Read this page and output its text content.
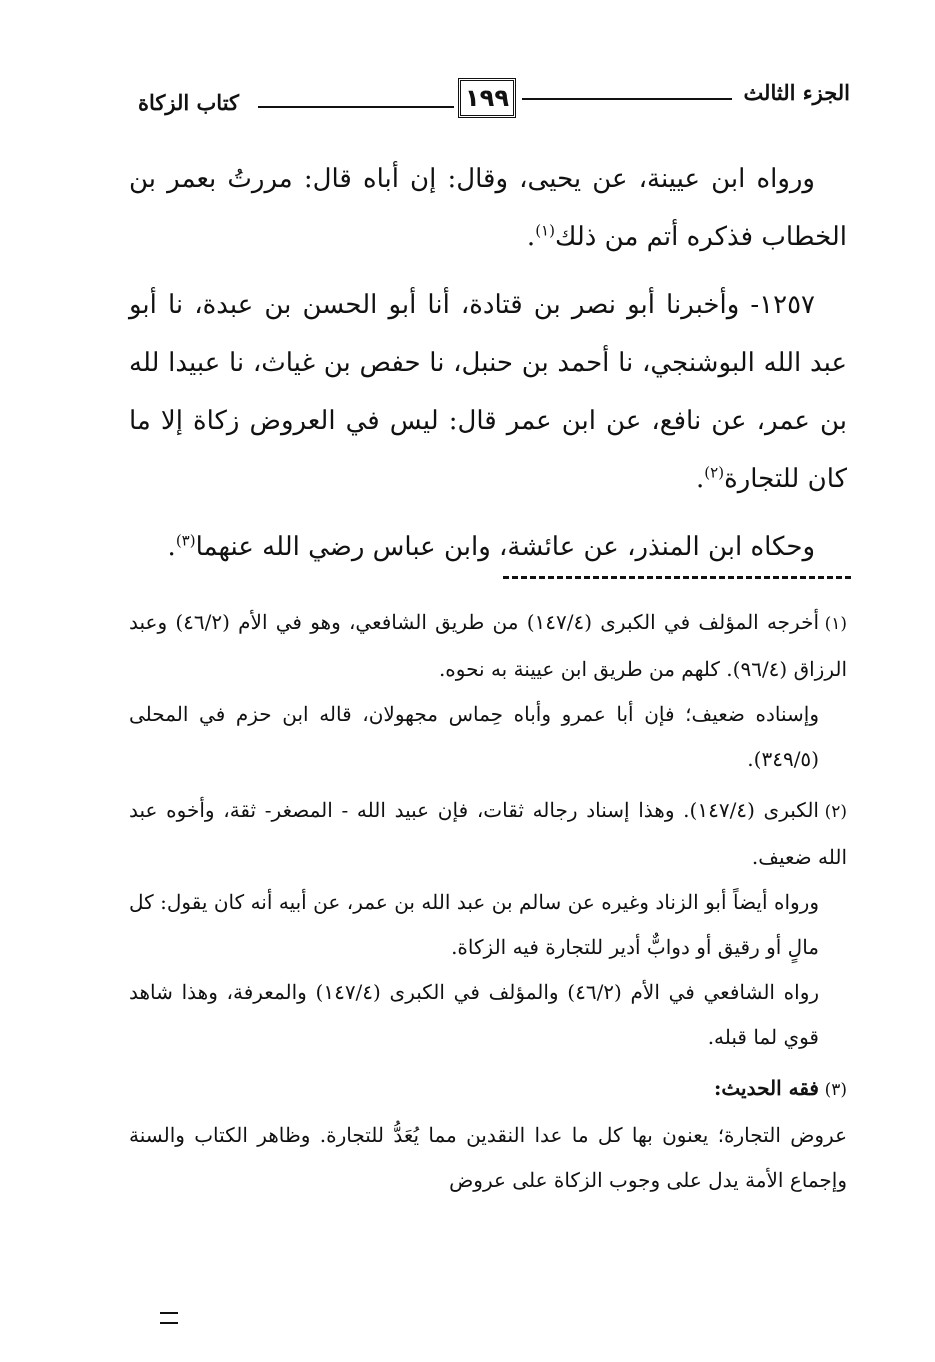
الجزء الثالث
١٩٩
كتاب الزكاة

ورواه ابن عيينة، عن يحيى، وقال: إن أباه قال: مررتُ بعمر بن الخطاب فذكره أتم من ذلك$^{(١)}$.

١٢٥٧- وأخبرنا أبو نصر بن قتادة، أنا أبو الحسن بن عبدة، نا أبو عبد الله البوشنجي، نا أحمد بن حنبل، نا حفص بن غياث، نا عبيدا لله بن عمر، عن نافع، عن ابن عمر قال: ليس في العروض زكاة إلا ما كان للتجارة$^{(٢)}$.

وحكاه ابن المنذر، عن عائشة، وابن عباس رضي الله عنهما$^{(٣)}$.

(١)أخرجه المؤلف في الكبرى (١٤٧/٤) من طريق الشافعي، وهو في الأم (٤٦/٢) وعبد الرزاق (٩٦/٤). كلهم من طريق ابن عيينة به نحوه.

وإسناده ضعيف؛ فإن أبا عمرو وأباه حِماس مجهولان، قاله ابن حزم في المحلى (٣٤٩/٥).

(٢)الكبرى (١٤٧/٤). وهذا إسناد رجاله ثقات، فإن عبيد الله - المصغر- ثقة، وأخوه عبد الله ضعيف.

ورواه أيضاً أبو الزناد وغيره عن سالم بن عبد الله بن عمر، عن أبيه أنه كان يقول: كل مالٍ أو رقيق أو دوابٌّ أدير للتجارة فيه الزكاة.

رواه الشافعي في الأم (٤٦/٢) والمؤلف في الكبرى (١٤٧/٤) والمعرفة، وهذا شاهد قوي لما قبله.

(٣)فقه الحديث:

عروض التجارة؛ يعنون بها كل ما عدا النقدين مما يُعَدُّ للتجارة. وظاهر الكتاب والسنة وإجماع الأمة يدل على وجوب الزكاة على عروض
